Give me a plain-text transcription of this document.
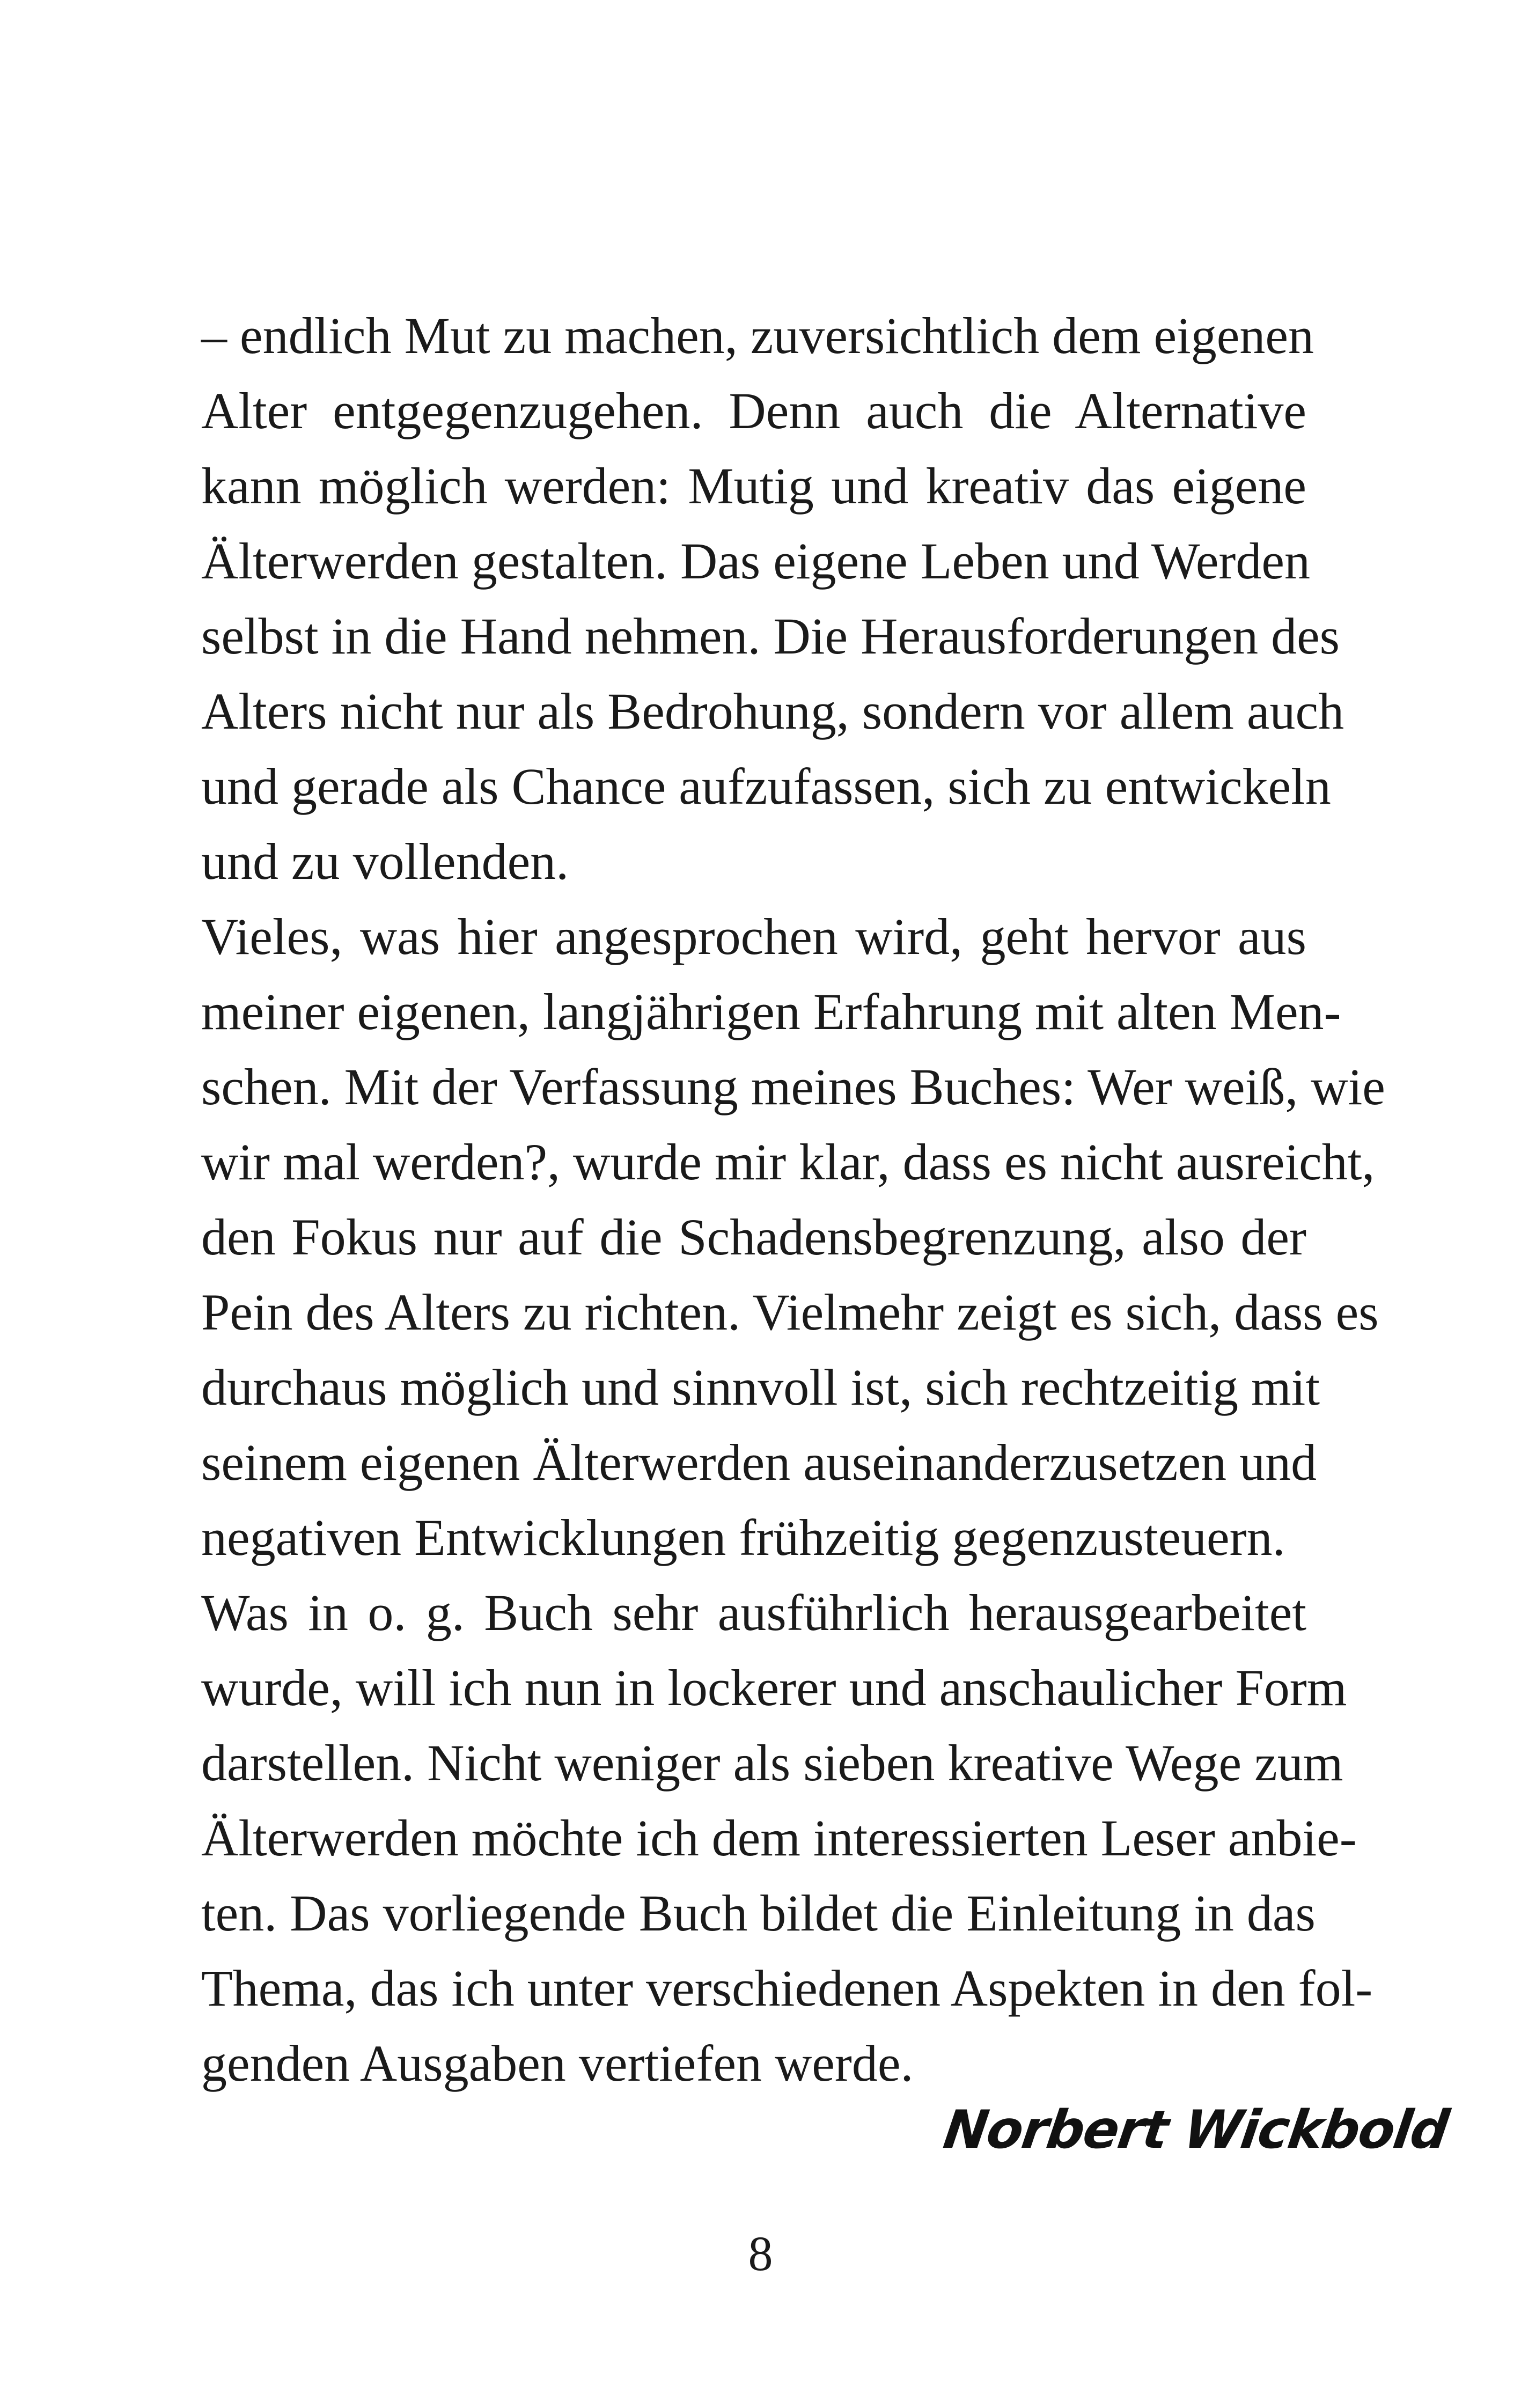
– endlich Mut zu machen, zuversichtlich dem eigenen
Alter entgegenzugehen. Denn auch die Alternative
kann möglich werden: Mutig und kreativ das eigene
Älterwerden gestalten. Das eigene Leben und Werden
selbst in die Hand nehmen. Die Herausforderungen des
Alters nicht nur als Bedrohung, sondern vor allem auch
und gerade als Chance aufzufassen, sich zu entwickeln
und zu vollenden.
Vieles, was hier angesprochen wird, geht hervor aus
meiner eigenen, langjährigen Erfahrung mit alten Men-
schen. Mit der Verfassung meines Buches: Wer weiß, wie
wir mal werden?, wurde mir klar, dass es nicht ausreicht,
den Fokus nur auf die Schadensbegrenzung, also der
Pein des Alters zu richten. Vielmehr zeigt es sich, dass es
durchaus möglich und sinnvoll ist, sich rechtzeitig mit
seinem eigenen Älterwerden auseinanderzusetzen und
negativen Entwicklungen frühzeitig gegenzusteuern.
Was in o. g. Buch sehr ausführlich herausgearbeitet
wurde, will ich nun in lockerer und anschaulicher Form
darstellen. Nicht weniger als sieben kreative Wege zum
Älterwerden möchte ich dem interessierten Leser anbie-
ten. Das vorliegende Buch bildet die Einleitung in das
Thema, das ich unter verschiedenen Aspekten in den fol-
genden Ausgaben vertiefen werde.
Norbert Wickbold
8
